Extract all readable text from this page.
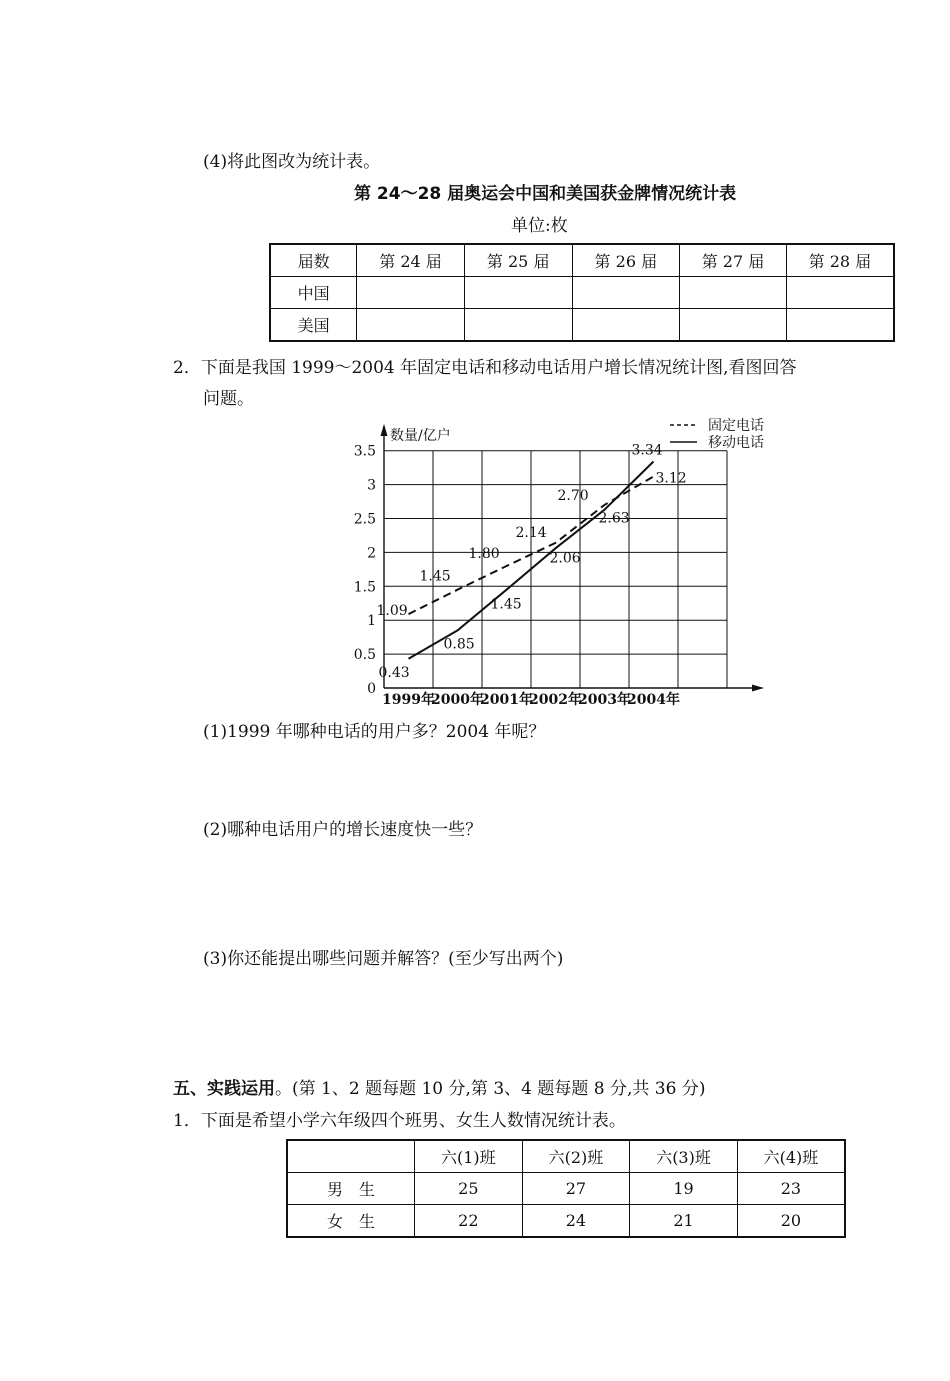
(4)将此图改为统计表。
第 24～28 届奥运会中国和美国获金牌情况统计表
单位:枚
届数	第 24 届	第 25 届	第 26 届	第 27 届	第 28 届
中国					
美国					
2．下面是我国 1999～2004 年固定电话和移动电话用户增长情况统计图,看图回答
问题。
0
0.5
1
1.5
2
2.5
3
3.5
数量/亿户
1999年
2000年
2001年
2002年
2003年
2004年
1.09
1.45
1.80
2.14
2.70
3.12
0.43
0.85
1.45
2.06
2.63
3.34
固定电话
移动电话
(1)1999 年哪种电话的用户多？2004 年呢？
(2)哪种电话用户的增长速度快一些？
(3)你还能提出哪些问题并解答？(至少写出两个)
五、实践运用。(第 1、2 题每题 10 分,第 3、4 题每题 8 分,共 36 分)
1．下面是希望小学六年级四个班男、女生人数情况统计表。
	六(1)班	六(2)班	六(3)班	六(4)班
男　生	25	27	19	23
女　生	22	24	21	20
